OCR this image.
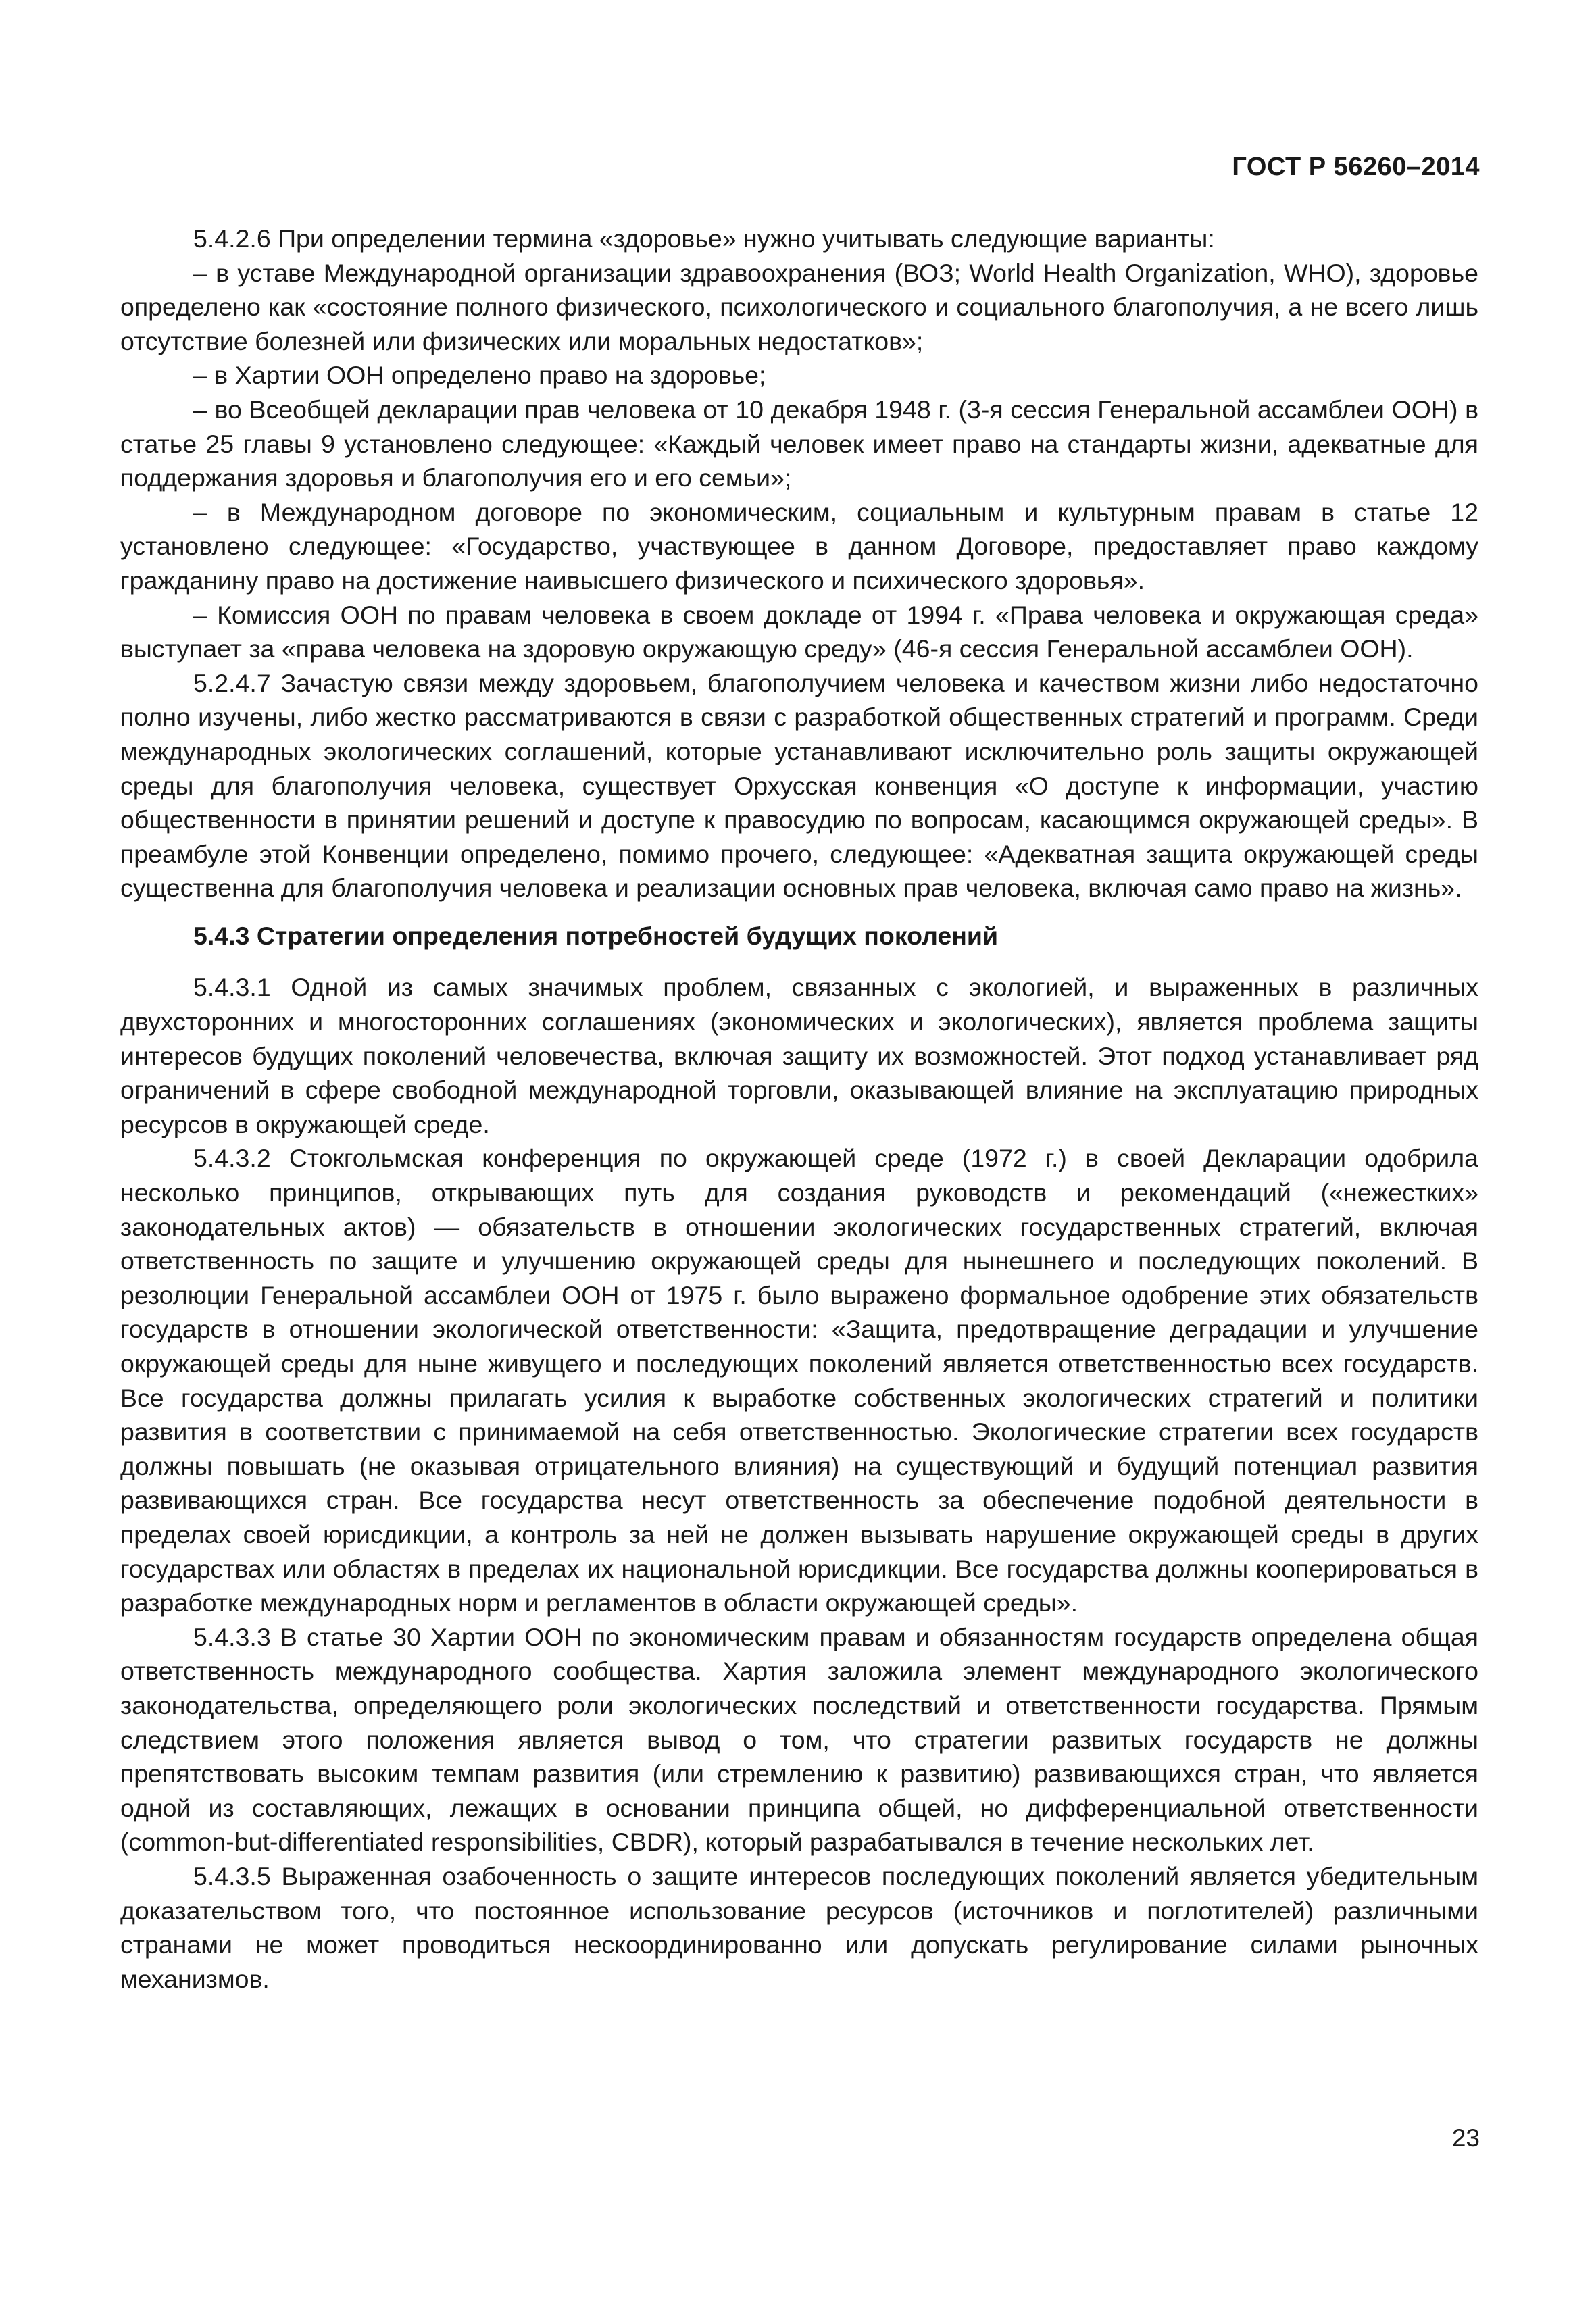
ГОСТ Р 56260–2014

5.4.2.6 При определении термина «здоровье» нужно учитывать следующие варианты:

– в уставе Международной организации здравоохранения (ВОЗ; World Health Organization, WHO), здоровье определено как «состояние полного физического, психологического и социального благополучия, а не всего лишь отсутствие болезней или физических или моральных недостатков»;

– в Хартии ООН определено право на здоровье;

– во Всеобщей декларации прав человека от 10 декабря 1948 г. (3-я сессия Генеральной ассамблеи ООН) в статье 25 главы 9 установлено следующее: «Каждый человек имеет право на стандарты жизни, адекватные для поддержания здоровья и благополучия его и его семьи»;

– в Международном договоре по экономическим, социальным и культурным правам в статье 12 установлено следующее: «Государство, участвующее в данном Договоре, предоставляет право каждому гражданину право на достижение наивысшего физического и психического здоровья».

– Комиссия ООН по правам человека в своем докладе от 1994 г. «Права человека и окружающая среда» выступает за «права человека на здоровую окружающую среду» (46-я сессия Генеральной ассамблеи ООН).

5.2.4.7 Зачастую связи между здоровьем, благополучием человека и качеством жизни либо недостаточно полно изучены, либо жестко рассматриваются в связи с разработкой общественных стратегий и программ. Среди международных экологических соглашений, которые устанавливают исключительно роль защиты окружающей среды для благополучия человека, существует Орхусская конвенция «О доступе к информации, участию общественности в принятии решений и доступе к правосудию по вопросам, касающимся окружающей среды». В преамбуле этой Конвенции определено, помимо прочего, следующее: «Адекватная защита окружающей среды существенна для благополучия человека и реализации основных прав человека, включая само право на жизнь».

5.4.3 Стратегии определения потребностей будущих поколений

5.4.3.1 Одной из самых значимых проблем, связанных с экологией, и выраженных в различных двухсторонних и многосторонних соглашениях (экономических и экологических), является проблема защиты интересов будущих поколений человечества, включая защиту их возможностей. Этот подход устанавливает ряд ограничений в сфере свободной международной торговли, оказывающей влияние на эксплуатацию природных ресурсов в окружающей среде.

5.4.3.2 Стокгольмская конференция по окружающей среде (1972 г.) в своей Декларации одобрила несколько принципов, открывающих путь для создания руководств и рекомендаций («нежесткиx» законодательных актов) — обязательств в отношении экологических государственных стратегий, включая ответственность по защите и улучшению окружающей среды для нынешнего и последующих поколений. В резолюции Генеральной ассамблеи ООН от 1975 г. было выражено формальное одобрение этих обязательств государств в отношении экологической ответственности: «Защита, предотвращение деградации и улучшение окружающей среды для ныне живущего и последующих поколений является ответственностью всех государств. Все государства должны прилагать усилия к выработке собственных экологических стратегий и политики развития в соответствии с принимаемой на себя ответственностью. Экологические стратегии всех государств должны повышать (не оказывая отрицательного влияния) на существующий и будущий потенциал развития развивающихся стран. Все государства несут ответственность за обеспечение подобной деятельности в пределах своей юрисдикции, а контроль за ней не должен вызывать нарушение окружающей среды в других государствах или областях в пределах их национальной юрисдикции. Все государства должны кооперироваться в разработке международных норм и регламентов в области окружающей среды».

5.4.3.3 В статье 30 Хартии ООН по экономическим правам и обязанностям государств определена общая ответственность международного сообщества. Хартия заложила элемент международного экологического законодательства, определяющего роли экологических последствий и ответственности государства. Прямым следствием этого положения является вывод о том, что стратегии развитых государств не должны препятствовать высоким темпам развития (или стремлению к развитию) развивающихся стран, что является одной из составляющих, лежащих в основании принципа общей, но дифференциальной ответственности (common-but-differentiated responsibilities, CBDR), который разрабатывался в течение нескольких лет.

5.4.3.5 Выраженная озабоченность о защите интересов последующих поколений является убедительным доказательством того, что постоянное использование ресурсов (источников и поглотителей) различными странами не может проводиться нескоординированно или допускать регулирование силами рыночных механизмов.

23
